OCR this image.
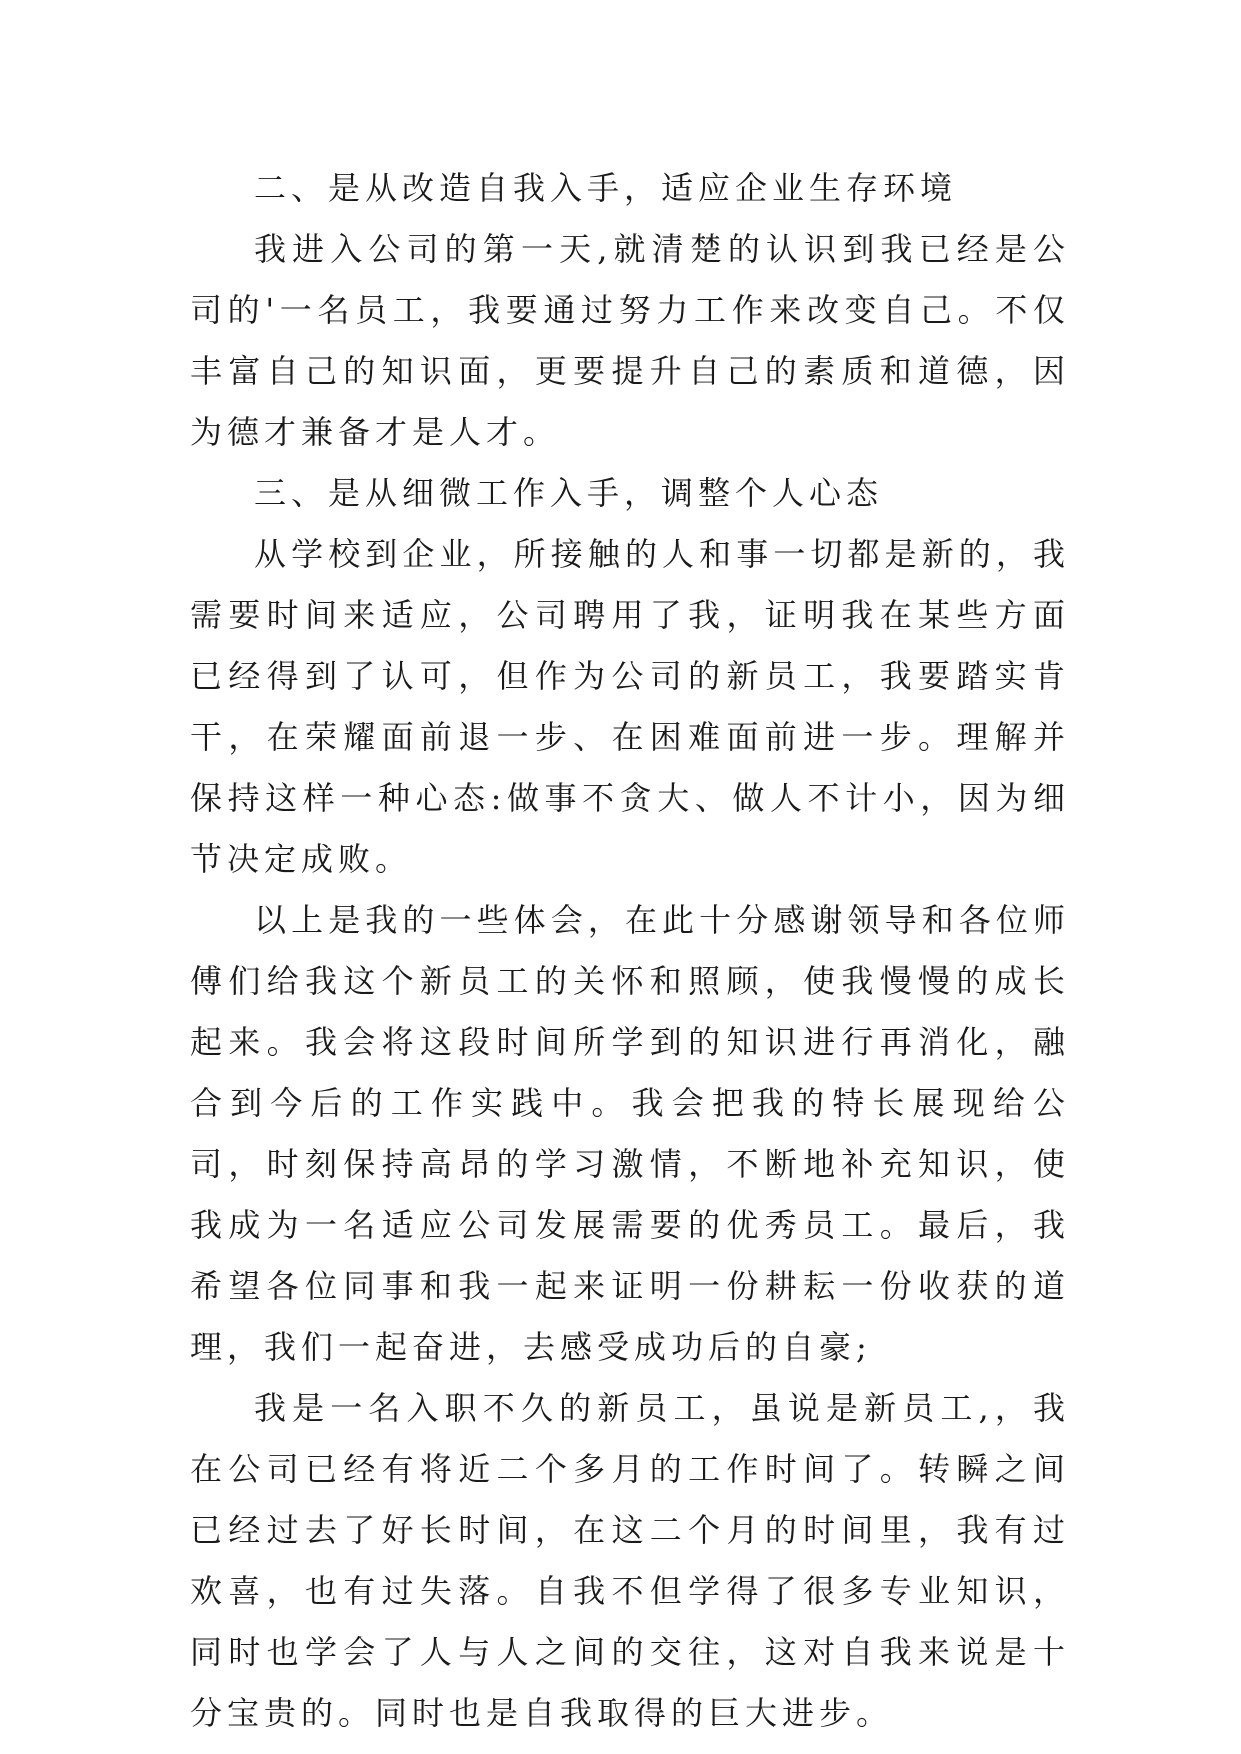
二、是从改造自我入手，适应企业生存环境

我进入公司的第一天,就清楚的认识到我已经是公司的'一名员工，我要通过努力工作来改变自己。不仅丰富自己的知识面，更要提升自己的素质和道德，因为德才兼备才是人才。

三、是从细微工作入手，调整个人心态

从学校到企业，所接触的人和事一切都是新的，我需要时间来适应，公司聘用了我，证明我在某些方面已经得到了认可，但作为公司的新员工，我要踏实肯干，在荣耀面前退一步、在困难面前进一步。理解并保持这样一种心态:做事不贪大、做人不计小，因为细节决定成败。

以上是我的一些体会，在此十分感谢领导和各位师傅们给我这个新员工的关怀和照顾，使我慢慢的成长起来。我会将这段时间所学到的知识进行再消化，融合到今后的工作实践中。我会把我的特长展现给公司，时刻保持高昂的学习激情，不断地补充知识，使我成为一名适应公司发展需要的优秀员工。最后，我希望各位同事和我一起来证明一份耕耘一份收获的道理，我们一起奋进，去感受成功后的自豪;

我是一名入职不久的新员工，虽说是新员工,，我在公司已经有将近二个多月的工作时间了。转瞬之间已经过去了好长时间，在这二个月的时间里，我有过欢喜，也有过失落。自我不但学得了很多专业知识，同时也学会了人与人之间的交往，这对自我来说是十分宝贵的。同时也是自我取得的巨大进步。
